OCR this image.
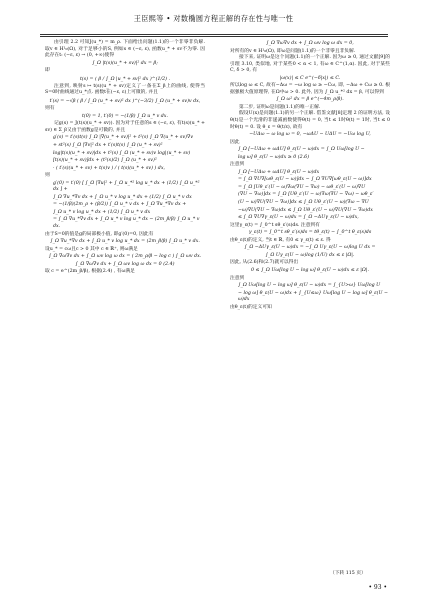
王臣熙等 • 对数椭圆方程正解的存在性与唯一性

由引理 2.2 可知J(u_*) = m_ρ. 下面给出问题(1.1)的一个非零非负解. 取v ∈ H¹₀(Ω), 对于足够小的S, 例如s ∈ (−ε, ε), 函数u_* + sv不为零. 因此存在t: (−ε, ε) → (0, +∞)使得

∫_Ω |t(s)(u_* + sv)|² dx = β;

即

t(s) = ( β / ∫_Ω |u_* + sv|² dx )^(1/2) .

注意到, 映射s ↦ t(s)(u_* + sv)定义了一条在Σ_β上的曲线, 使得当S=0时曲线通过u_*点. 函数t在(−ε, ε)上可微的, 并且

t′(s) = −√β ( β / ∫_Ω (u_* + sv)² dx )^(−3/2) ∫_Ω (u_* + sv)v dx,

则有

t(0) = 1, t′(0) = −(1/β) ∫_Ω u_* v dx.

记g(s) = J(t(s)(u_* + sv)). 因为对于任意的s ∈ (−ε, ε), 有t(s)(u_* + sv) ∈ Σ_β又由于函数g是可微的, 并且

g′(s) = t′(s)t(s) ∫_Ω |∇(u_* + sv)|² + t²(s) ∫_Ω ∇(u_* + sv)∇v
+ st²(s) ∫_Ω |∇v|² dx + t′(s)t(s) ∫_Ω (u_* + sv)²
log|t(s)(u_* + sv)|dx + t²(s) ∫_Ω (u_* + sv)v log|(u_* + sv)
[t(s)(u_* + sv)]dx + (t²(s)/2) ∫_Ω (u_* + sv)²
· ( t′(s)(u_* + sv) + t(s)v ) / ( t(s)(u_* + sv) ) dx,

则

g′(0) = t′(0) [ ∫_Ω |∇u|² + ∫_Ω u_*² log u_* dx + (1/2) ∫_Ω u_*² dx ] +
∫_Ω ∇u_*∇v dx + ∫_Ω u_* v log u_* dx + (1/2) ∫_Ω u_* v dx
= −(1/β)(2m_ρ + (β/2)) ∫_Ω u_* v dx + ∫_Ω ∇u_*∇v dx +
∫_Ω u_* v log u_* dx + (1/2) ∫_Ω u_* v dx
= ∫_Ω ∇u_*∇v dx + ∫_Ω u_* v log u_* dx − (2m_β/β) ∫_Ω u_* v dx.

由于S=0的值是g的局部极小值, 即g′(0)=0, 因此有

∫_Ω ∇u_*∇v dx + ∫_Ω u_* v log u_* dx = (2m_β/β) ∫_Ω u_* v dx.

设u_* = cω且c > 0 其中 c ∈ ℝ⁺, 则ω满足

∫_Ω ∇ω∇v dx + ∫_Ω ωv log ω dx = ( 2m_ρ/β − log c ) ∫_Ω ωv dx.
∫_Ω ∇ω∇v dx + ∫_Ω ωv log ω dx = 0 (2.4)

取 c = e^(2m_β/β), 根据(2.4) , 有ω满足

∫_Ω ∇ω∇v dx + ∫_Ω ωv log ω dx = 0,

对所有的v ∈ H¹₀(Ω), 即ω是问题(1.1)的一个非零且非负解.

接下来, 证明ω是这个问题(1.1)的一个正解. 因为ω ≥ 0, 通过文献[9]的引理 3.10, 类似地, 对于某些0 < α < 1, 有ω ∈ C^(1,α). 因此, 对于某些C, δ > 0, 有

|ω(x)| ≤ C e^(−δ|x|) ≤ C.

所以log ω ≤ C, 故有−Δω = −ω log ω ≥ −Cω, 即, −Δω + Cω ≥ 0. 根据强极大值原理得, 在Ω中ω > 0. 此外, 因为 ∫_Ω u_*² dx = β, 可以得到

∫_Ω ω² dx = β e^(−4m_ρ/β).

第二步, 证明ω是问题(1.1)的唯一正解.

假设U(x)是问题(1.1)的另一个正解. 借鉴文献[8]定理 2 的证明方法, 设θ(t)是一个光滑的非递减函数使得θ(t) = 0, 当t ≤ 1时θ(t) = 1时, 当t ≤ 0时θ(t) = 0. 设 θ_ε = θ(t/ε), 故有

−UΔω − ω log ω = 0, −ωΔU − UΔU = −Uω log U,

因此

∫_Ω [−UΔω + ωΔU] θ_ε(U − ω)dx = ∫_Ω Uω[log U −
log ω] θ_ε(U − ω)dx ≥ 0 (2.6)

注意到

∫_Ω [−UΔω + ωΔU] θ_ε(U − ω)dx
= ∫_Ω ∇U∇[ωθ_ε(U − ω)]dx − ∫_Ω ∇U∇[ωθ_ε(U − ω)]dx
= ∫_Ω [Uθ_ε′(U − ω)∇ω(∇U − ∇ω) − ωθ_ε′(U − ω)∇U
(∇U − ∇ω)]dx = ∫_Ω [Uθ_ε′(U − ω)∇ω(∇U − ∇ω) − ωθ_ε′
(U − ω)∇U(∇U − ∇ω)]dx ≤ ∫_Ω Uθ_ε′(U − ω)(∇ω − ∇U
−ω)∇U(∇U − ∇ω)dx ≤ ∫_Ω Uθ_ε′(U − ω)∇U(∇U − ∇ω)dx
≤ ∫_Ω ∇U∇γ_ε(U − ω)dx = ∫_Ω −ΔUγ_ε(U − ω)dx,

这里γ_ε(t) = ∫_0^t sθ_ε′(s)ds. 注意到有

γ_ε(t) = ∫_0^t sθ_ε′(s)ds = tθ_ε(t) − ∫_0^t θ_ε(s)ds

由θ_ε(t)的定义, 当t ∈ ℝ, 有0 ≤ γ_ε(t) ≤ ε. 得

∫_Ω −ΔUγ_ε(U − ω)dx = −∫_Ω Uγ_ε(U − ω)log U dx =
∫_Ω Uγ_ε(U − ω)log (1/U) dx ≤ ε |Ω|.

因此, 从(2.6)和(2.7)就可以得出

0 ≤ ∫_Ω Uω[log U − log ω] θ_ε(U − ω)dx ≤ ε |Ω|.

注意到

∫_Ω Uω[log U − log ω] θ_ε(U − ω)dx = ∫_{U>ω} Uω[log U
− log ω] θ_ε(U − ω)dx + ∫_{U≤ω} Uω[log U − log ω] θ_ε(U − ω)dx

由θ_ε(t)的定义可知

• 93 •
（下转 115 页）
